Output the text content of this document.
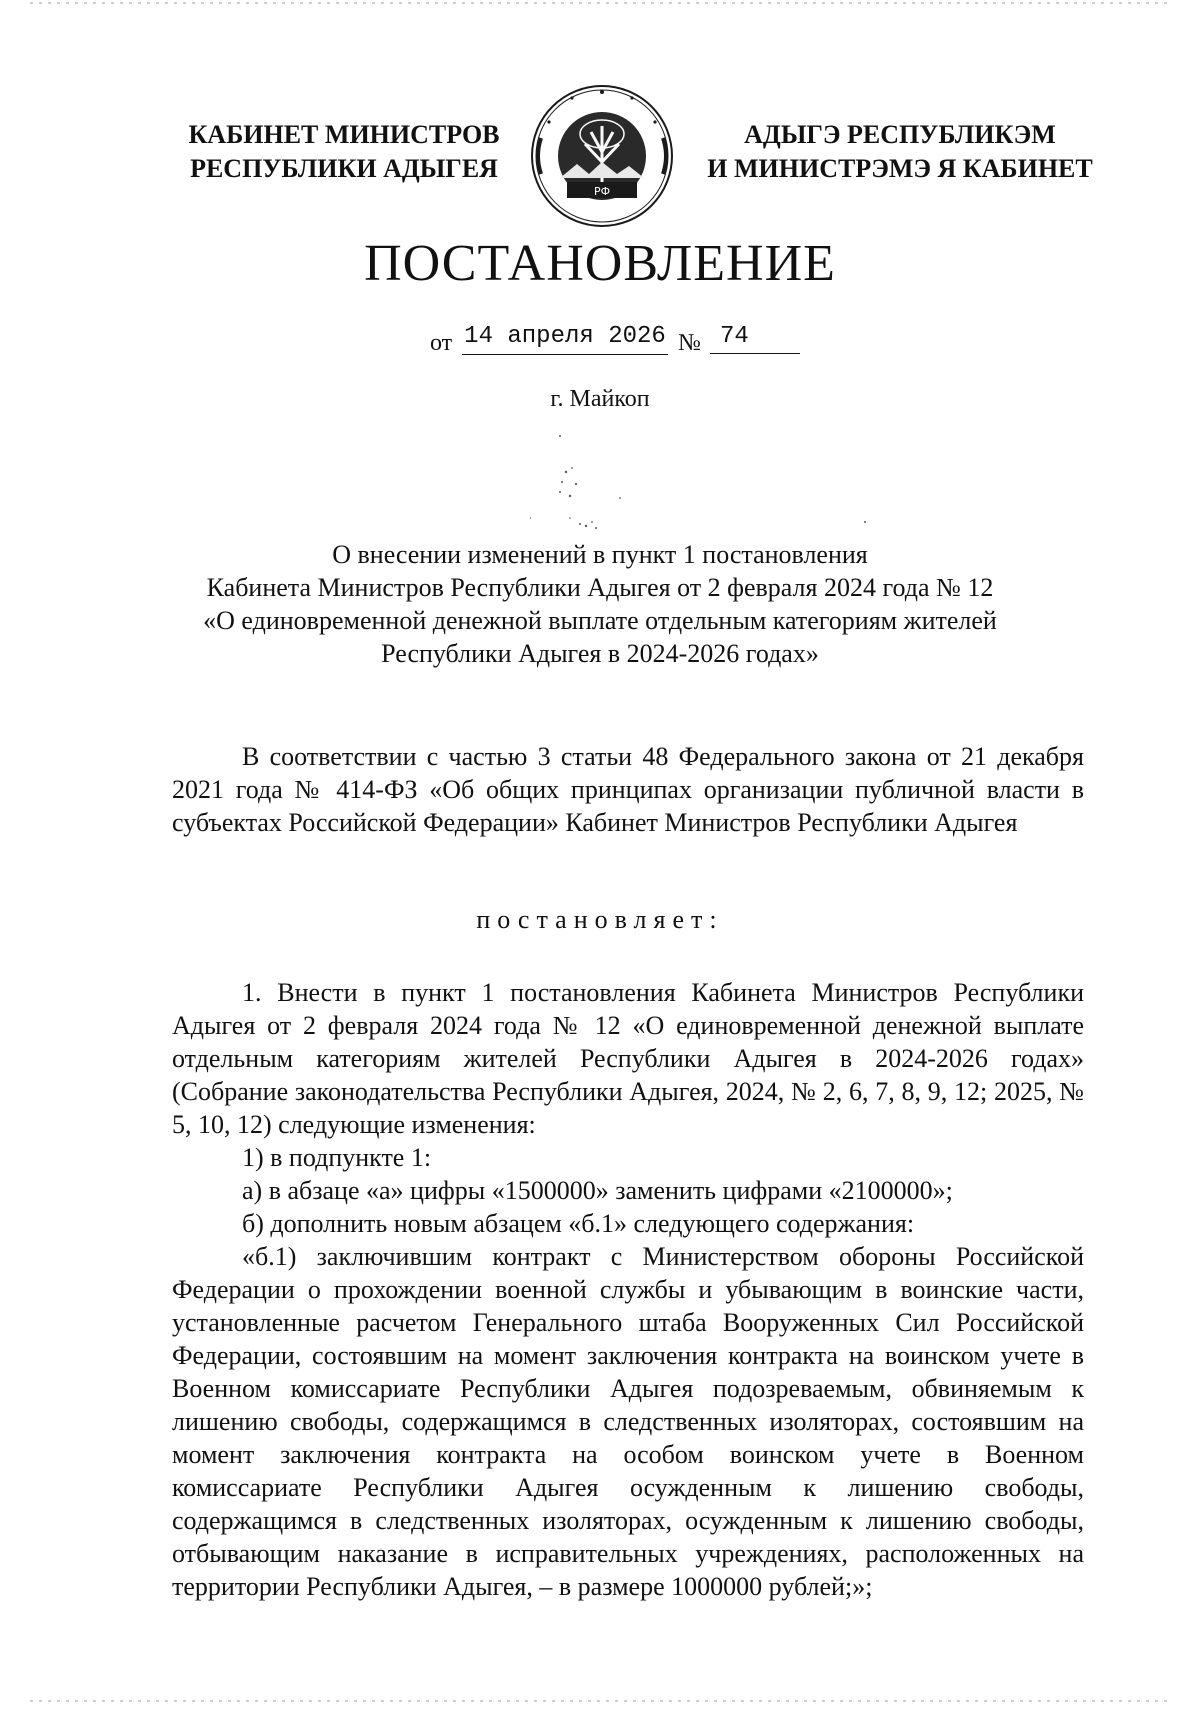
КАБИНЕТ МИНИСТРОВ
РЕСПУБЛИКИ АДЫГЕЯ
РФ
АДЫГЭ РЕСПУБЛИКЭМ
И МИНИСТРЭМЭ Я КАБИНЕТ
ПОСТАНОВЛЕНИЕ
от 14 апреля 2026 № 74
г. Майкоп
О внесении изменений в пункт 1 постановления
Кабинета Министров Республики Адыгея от 2 февраля 2024 года № 12
«О единовременной денежной выплате отдельным категориям жителей
Республики Адыгея в 2024-2026 годах»

В соответствии с частью 3 статьи 48 Федерального закона от 21 декабря 2021 года № 414-ФЗ «Об общих принципах организации публичной власти в субъектах Российской Федерации» Кабинет Министров Республики Адыгея

постановляет:

1. Внести в пункт 1 постановления Кабинета Министров Республики Адыгея от 2 февраля 2024 года № 12 «О единовременной денежной выплате отдельным категориям жителей Республики Адыгея в 2024-2026 годах» (Собрание законодательства Республики Адыгея, 2024, № 2, 6, 7, 8, 9, 12; 2025, № 5, 10, 12) следующие изменения:

1) в подпункте 1:

а) в абзаце «а» цифры «1500000» заменить цифрами «2100000»;

б) дополнить новым абзацем «б.1» следующего содержания:

«б.1) заключившим контракт с Министерством обороны Российской Федерации о прохождении военной службы и убывающим в воинские части, установленные расчетом Генерального штаба Вооруженных Сил Российской Федерации, состоявшим на момент заключения контракта на воинском учете в Военном комиссариате Республики Адыгея подозреваемым, обвиняемым к лишению свободы, содержащимся в следственных изоляторах, состоявшим на момент заключения контракта на особом воинском учете в Военном комиссариате Республики Адыгея осужденным к лишению свободы, содержащимся в следственных изоляторах, осужденным к лишению свободы, отбывающим наказание в исправительных учреждениях, расположенных на территории Республики Адыгея, – в размере 1000000 рублей;»;
